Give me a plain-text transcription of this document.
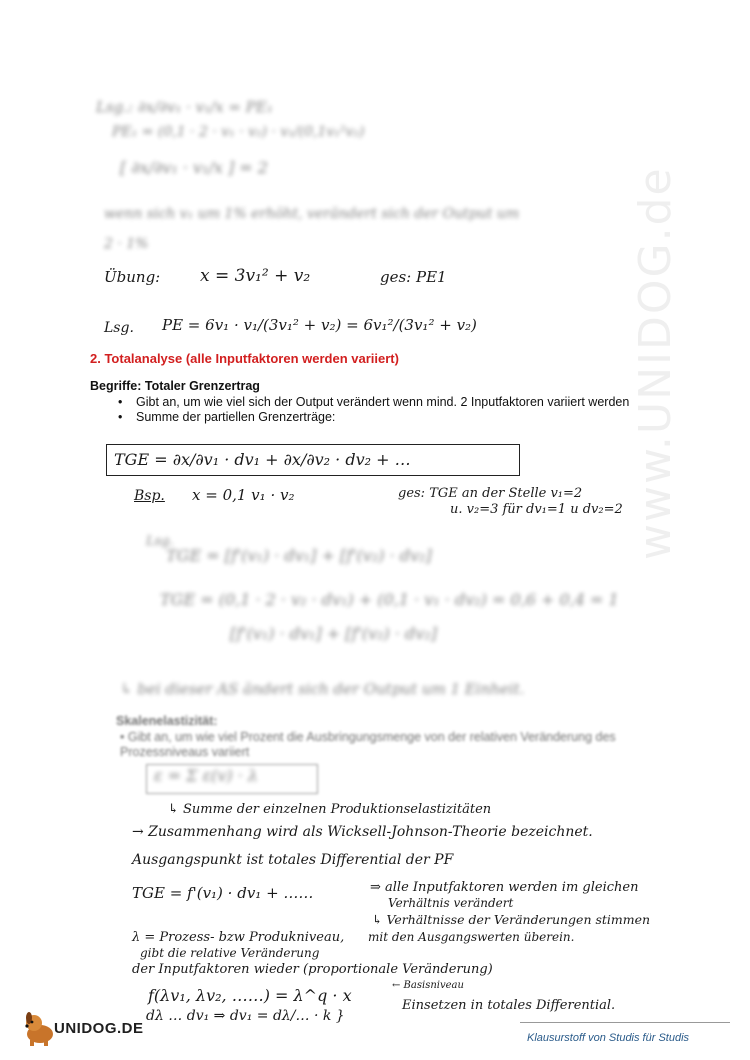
www.UNIDOG.de
Lsg.: ∂x/∂v₁ · v₁/x = PE₁
PE₁ = (0,1 · 2 · v₁ · v₂) · v₁/(0,1v₁²v₂)
[ ∂x/∂v₁ · v₁/x ] = 2
wenn sich v₁ um 1% erhöht, verändert sich der Output um
2 · 1%
Übung: x = 3v₁² + v₂	ges: PE1
Lsg. PE = 6v₁ · v₁/(3v₁² + v₂) = 6v₁²/(3v₁² + v₂)
2. Totalanalyse (alle Inputfaktoren werden variiert)
Begriffe: Totaler Grenzertrag
• Gibt an, um wie viel sich der Output verändert wenn mind. 2 Inputfaktoren variiert werden
• Summe der partiellen Grenzerträge:
TGE = ∂x/∂v₁ · dv₁ + ∂x/∂v₂ · dv₂ + …
Bsp. x = 0,1 v₁ · v₂	ges: TGE an der Stelle v₁=2
u. v₂=3 für dv₁=1 u dv₂=2
Lsg.
TGE = [f'(v₁) · dv₁] + [f'(v₂) · dv₂]
TGE = (0,1 · 2 · v₂ · dv₁) + (0,1 · v₁ · dv₂) = 0,6 + 0,4 = 1
[f'(v₁) · dv₁] + [f'(v₂) · dv₂]
↳ bei dieser AS ändert sich der Output um 1 Einheit.
Skalenelastizität:
• Gibt an, um wie viel Prozent die Ausbringungsmenge von der relativen Veränderung des Prozessniveaus variiert
ε = Σ ε(v) · λ
↳ Summe der einzelnen Produktionselastizitäten
→ Zusammenhang wird als Wicksell-Johnson-Theorie bezeichnet.
Ausgangspunkt ist totales Differential der PF
TGE = f'(v₁) · dv₁ + ……	⇒ alle Inputfaktoren werden im gleichen
Verhältnis verändert
↳ Verhältnisse der Veränderungen stimmen
mit den Ausgangswerten überein.
λ = Prozess- bzw Produkniveau,
gibt die relative Veränderung
der Inputfaktoren wieder (proportionale Veränderung)
f(λv₁, λv₂, ……) = λ^q · x
← Basisniveau
Einsetzen in totales Differential.
dλ … dv₁ ⇒ dv₁ = dλ/… · k }
UNIDOG.DE
Klausurstoff von Studis für Studis
